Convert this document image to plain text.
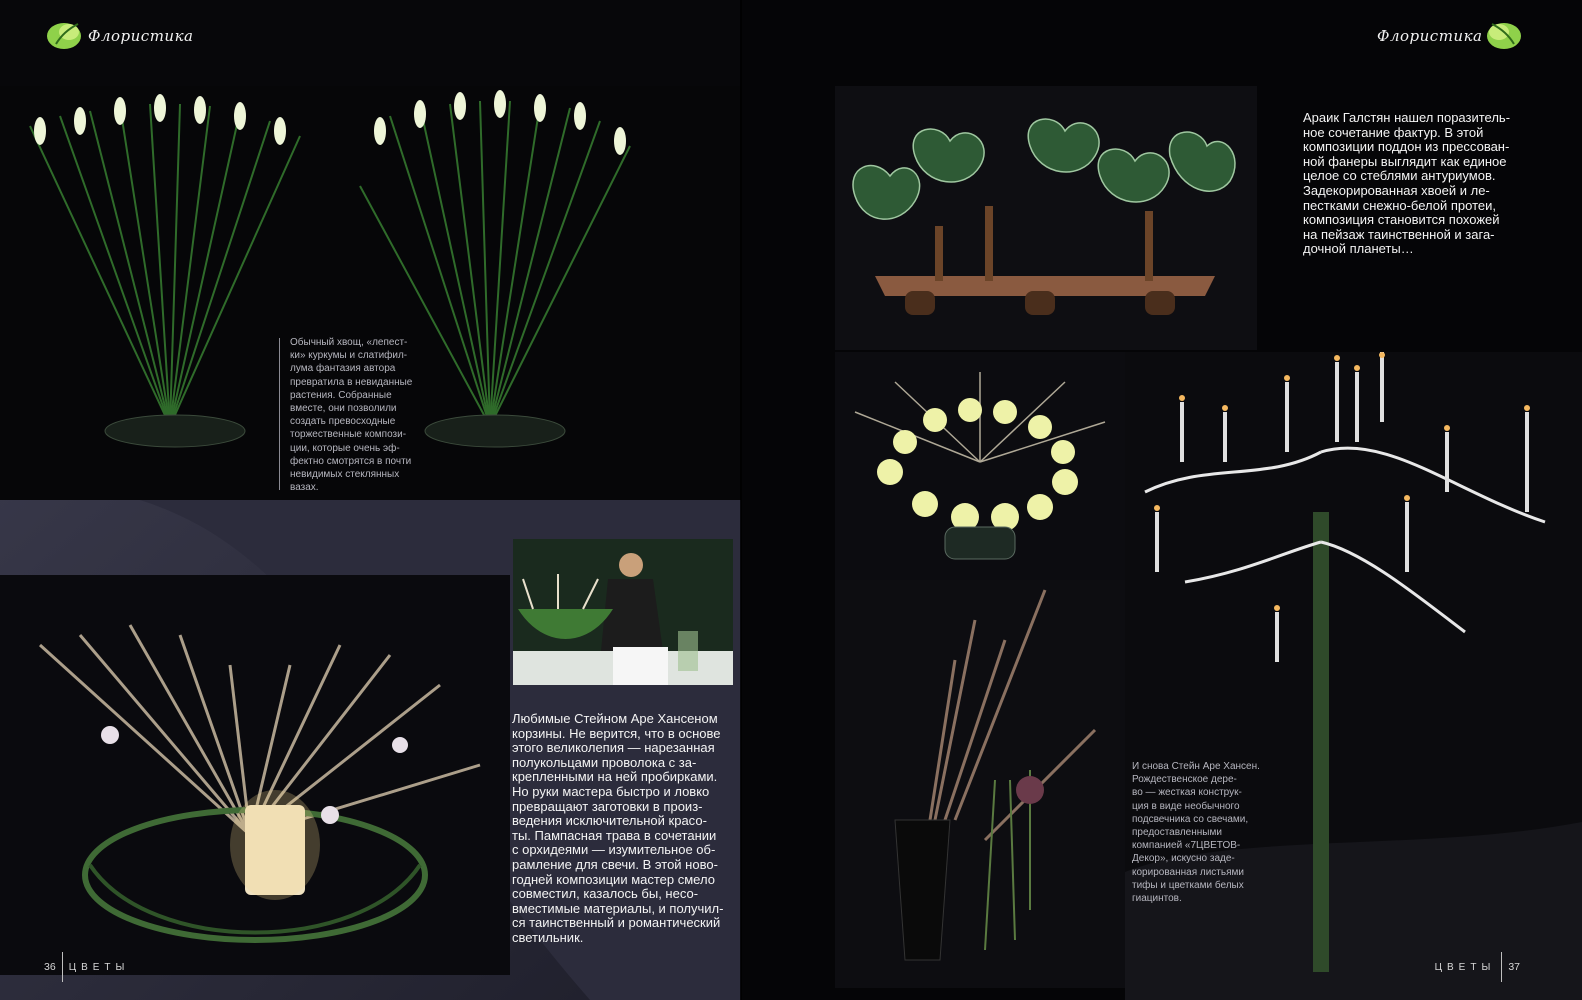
Флористика
Обычный хвощ, «лепест-
ки» куркумы и слатифил-
лума фантазия автора
превратила в невиданные
растения. Собранные
вместе, они позволили
создать превосходные
торжественные компози-
ции, которые очень эф-
фектно смотрятся в почти
невидимых стеклянных
вазах.
Любимые Стейном Аре Хансеном
корзины. Не верится, что в основе
этого великолепия — нарезанная
полукольцами проволока с за-
крепленными на ней пробирками.
Но руки мастера быстро и ловко
превращают заготовки в произ-
ведения исключительной красо-
ты. Пампасная трава в сочетании
с орхидеями — изумительное об-
рамление для свечи. В этой ново-
годней композиции мастер смело
совместил, казалось бы, несо-
вместимые материалы, и получил-
ся таинственный и романтический
светильник.
36 ЦВЕТЫ
Флористика
Араик Галстян нашел поразитель-
ное сочетание фактур. В этой
композиции поддон из прессован-
ной фанеры выглядит как единое
целое со стеблями антуриумов.
Задекорированная хвоей и ле-
пестками снежно-белой протеи,
композиция становится похожей
на пейзаж таинственной и зага-
дочной планеты…
И снова Стейн Аре Хансен.
Рождественское дере-
во — жесткая конструк-
ция в виде необычного
подсвечника со свечами,
предоставленными
компанией «7ЦВЕТОВ-
Декор», искусно заде-
корированная листьями
тифы и цветками белых
гиацинтов.
ЦВЕТЫ 37
